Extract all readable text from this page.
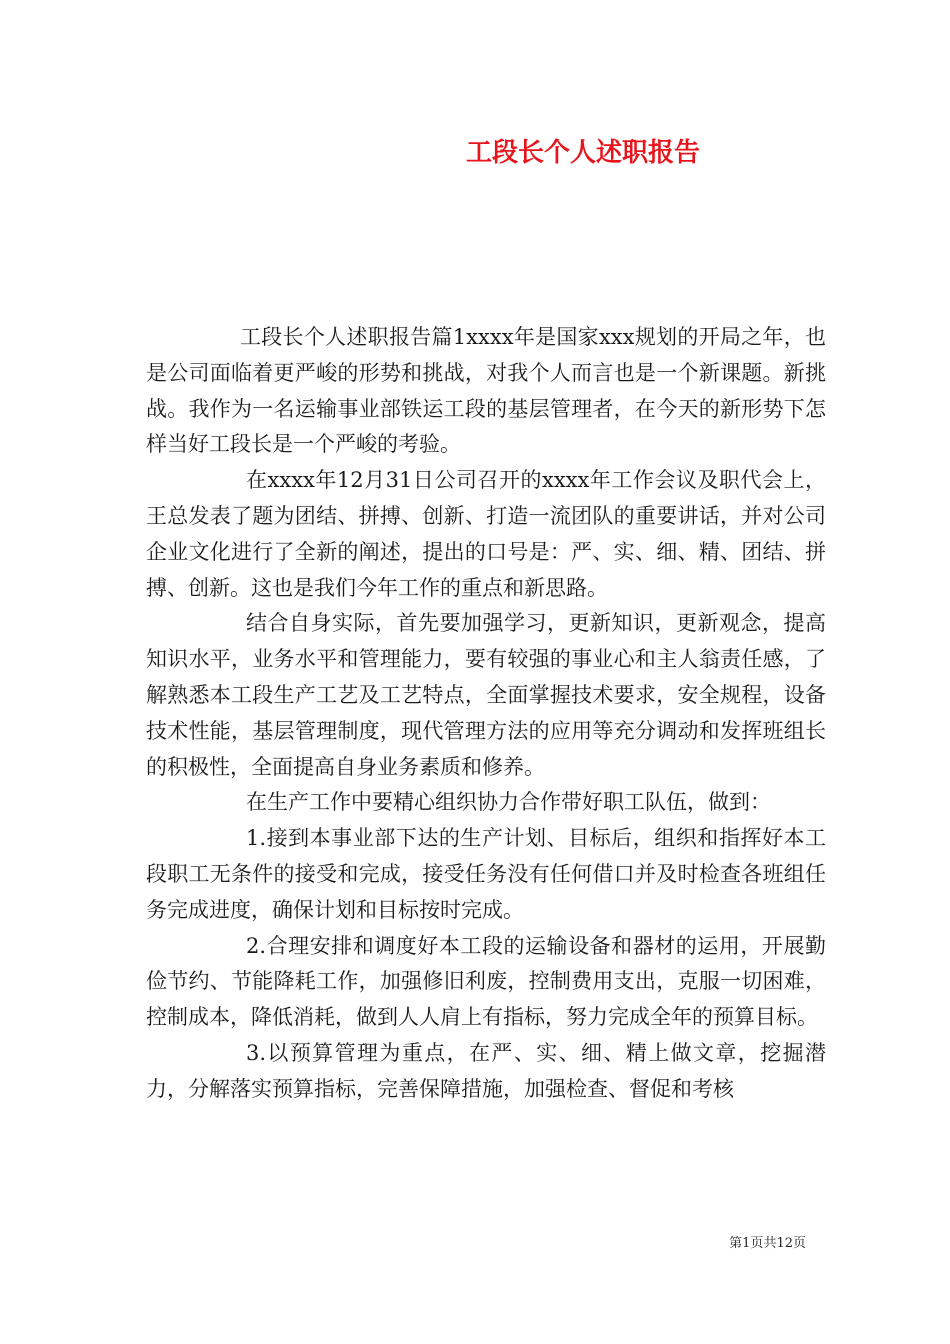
工段长个人述职报告

工段长个人述职报告篇1xxxx年是国家xxx规划的开局之年，也是公司面临着更严峻的形势和挑战，对我个人而言也是一个新课题。新挑战。我作为一名运输事业部铁运工段的基层管理者，在今天的新形势下怎样当好工段长是一个严峻的考验。

在xxxx年12月31日公司召开的xxxx年工作会议及职代会上，王总发表了题为团结、拼搏、创新、打造一流团队的重要讲话，并对公司企业文化进行了全新的阐述，提出的口号是：严、实、细、精、团结、拼搏、创新。这也是我们今年工作的重点和新思路。

结合自身实际，首先要加强学习，更新知识，更新观念，提高知识水平，业务水平和管理能力，要有较强的事业心和主人翁责任感，了解熟悉本工段生产工艺及工艺特点，全面掌握技术要求，安全规程，设备技术性能，基层管理制度，现代管理方法的应用等充分调动和发挥班组长的积极性，全面提高自身业务素质和修养。

在生产工作中要精心组织协力合作带好职工队伍，做到：

1.接到本事业部下达的生产计划、目标后，组织和指挥好本工段职工无条件的接受和完成，接受任务没有任何借口并及时检查各班组任务完成进度，确保计划和目标按时完成。

2.合理安排和调度好本工段的运输设备和器材的运用，开展勤俭节约、节能降耗工作，加强修旧利废，控制费用支出，克服一切困难，控制成本，降低消耗，做到人人肩上有指标，努力完成全年的预算目标。

3.以预算管理为重点，在严、实、细、精上做文章，挖掘潜力，分解落实预算指标，完善保障措施，加强检查、督促和考核

第1页共12页
